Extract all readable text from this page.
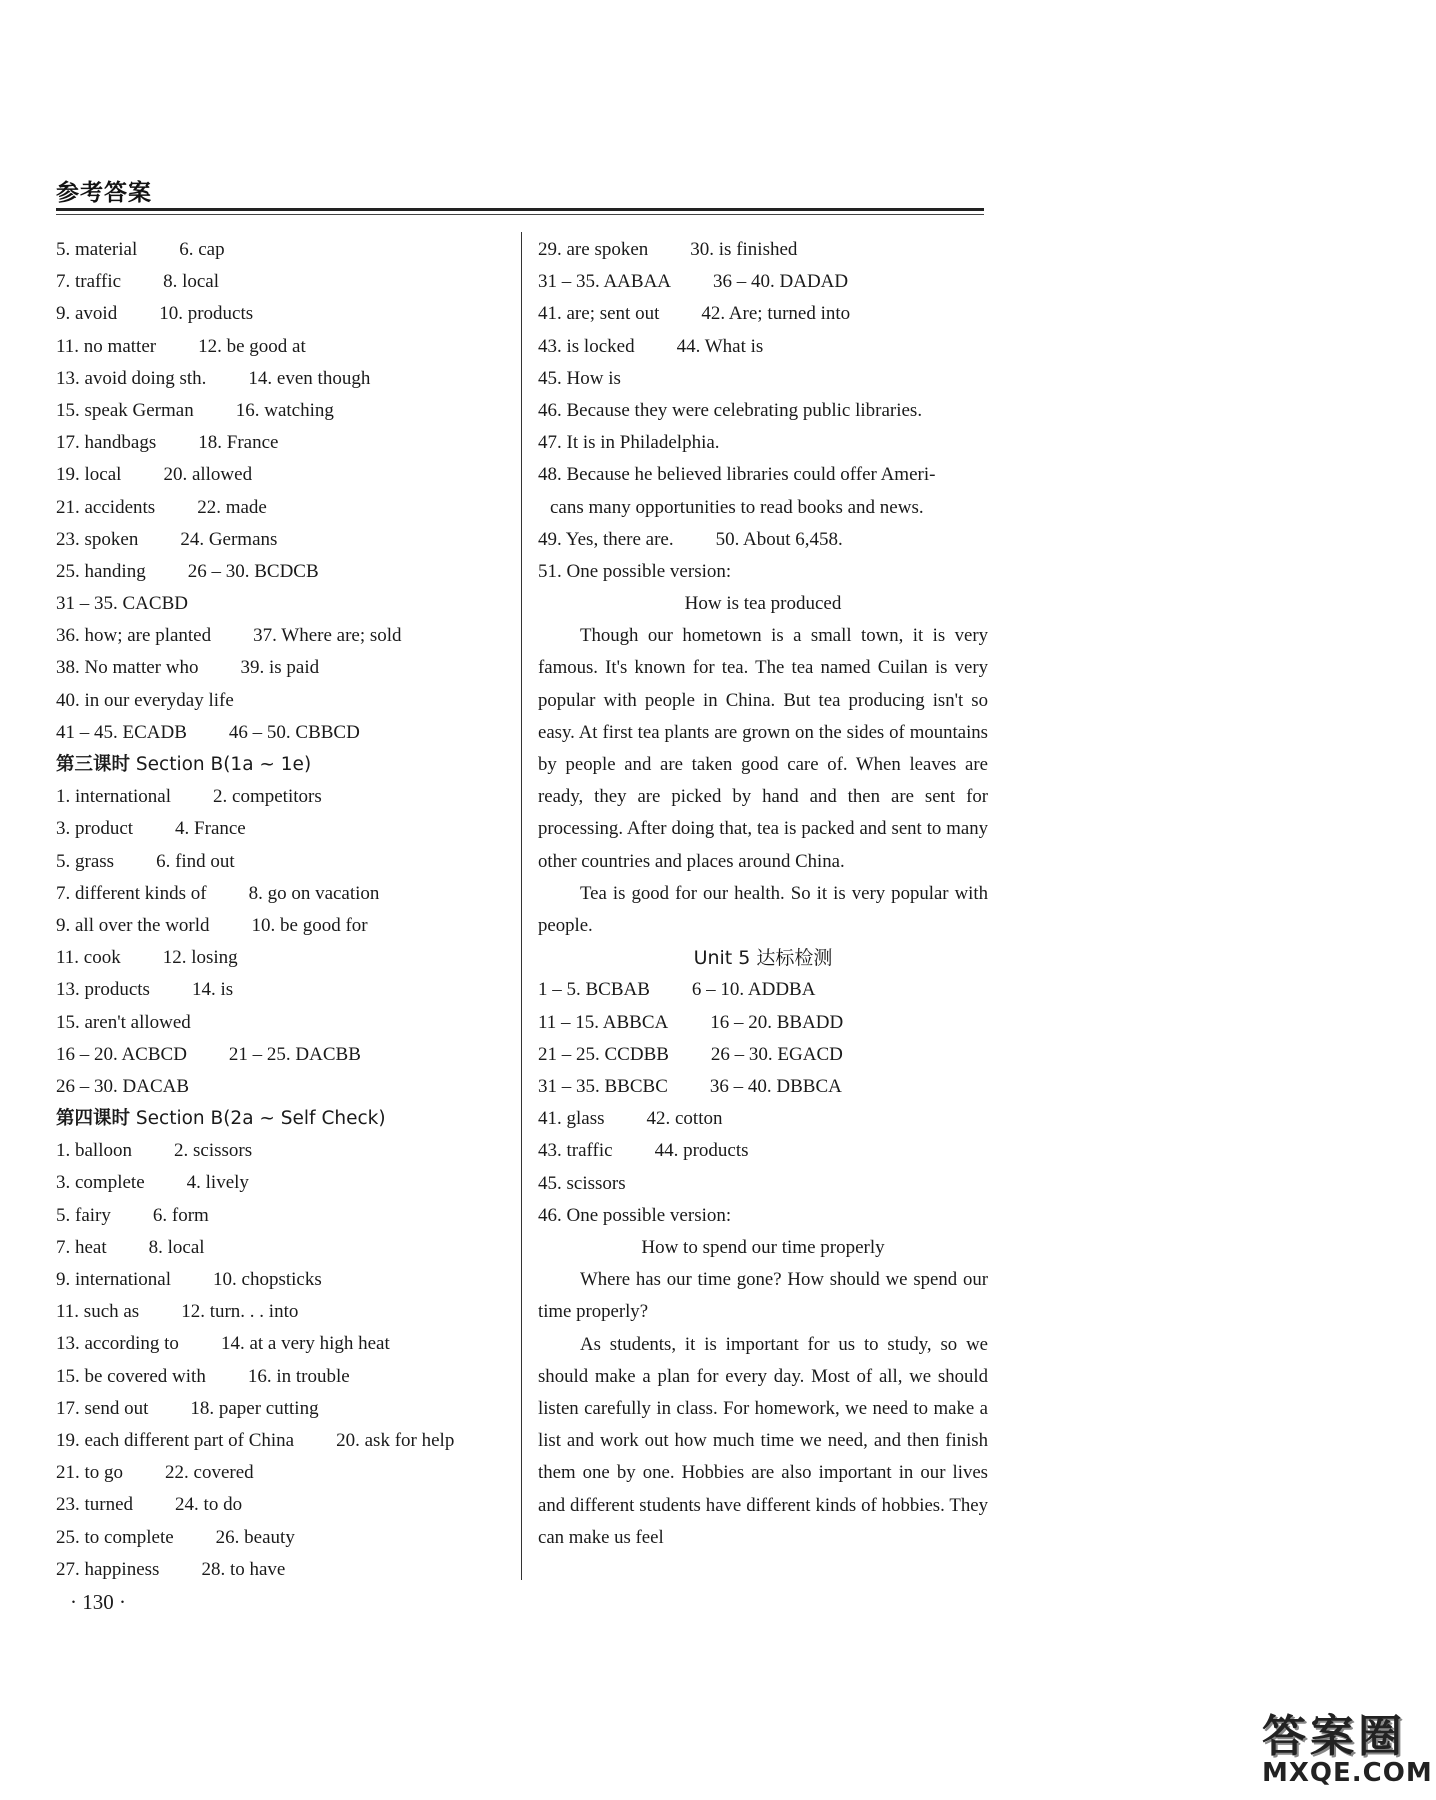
参考答案
5. material 6. cap
7. traffic 8. local
9. avoid 10. products
11. no matter 12. be good at
13. avoid doing sth. 14. even though
15. speak German 16. watching
17. handbags 18. France
19. local 20. allowed
21. accidents 22. made
23. spoken 24. Germans
25. handing 26 – 30. BCDCB
31 – 35. CACBD
36. how; are planted 37. Where are; sold
38. No matter who 39. is paid
40. in our everyday life
41 – 45. ECADB 46 – 50. CBBCD
第三课时 Section B(1a ~ 1e)
1. international 2. competitors
3. product 4. France
5. grass 6. find out
7. different kinds of 8. go on vacation
9. all over the world 10. be good for
11. cook 12. losing
13. products 14. is
15. aren't allowed
16 – 20. ACBCD 21 – 25. DACBB
26 – 30. DACAB
第四课时 Section B(2a ~ Self Check)
1. balloon 2. scissors
3. complete 4. lively
5. fairy 6. form
7. heat 8. local
9. international 10. chopsticks
11. such as 12. turn. . . into
13. according to 14. at a very high heat
15. be covered with 16. in trouble
17. send out 18. paper cutting
19. each different part of China 20. ask for help
21. to go 22. covered
23. turned 24. to do
25. to complete 26. beauty
27. happiness 28. to have
29. are spoken 30. is finished
31 – 35. AABAA 36 – 40. DADAD
41. are; sent out 42. Are; turned into
43. is locked 44. What is
45. How is
46. Because they were celebrating public libraries.
47. It is in Philadelphia.
48. Because he believed libraries could offer Ameri-
cans many opportunities to read books and news.
49. Yes, there are. 50. About 6,458.
51. One possible version:
How is tea produced

Though our hometown is a small town, it is very famous. It's known for tea. The tea named Cuilan is very popular with people in China. But tea producing isn't so easy. At first tea plants are grown on the sides of mountains by people and are taken good care of. When leaves are ready, they are picked by hand and then are sent for processing. After doing that, tea is packed and sent to many other countries and places around China.

Tea is good for our health. So it is very popular with people.

Unit 5 达标检测
1 – 5. BCBAB 6 – 10. ADDBA
11 – 15. ABBCA 16 – 20. BBADD
21 – 25. CCDBB 26 – 30. EGACD
31 – 35. BBCBC 36 – 40. DBBCA
41. glass 42. cotton
43. traffic 44. products
45. scissors
46. One possible version:
How to spend our time properly

Where has our time gone? How should we spend our time properly?

As students, it is important for us to study, so we should make a plan for every day. Most of all, we should listen carefully in class. For homework, we need to make a list and work out how much time we need, and then finish them one by one. Hobbies are also important in our lives and different students have different kinds of hobbies. They can make us feel

· 130 ·
答案圈
MXQE.COM
